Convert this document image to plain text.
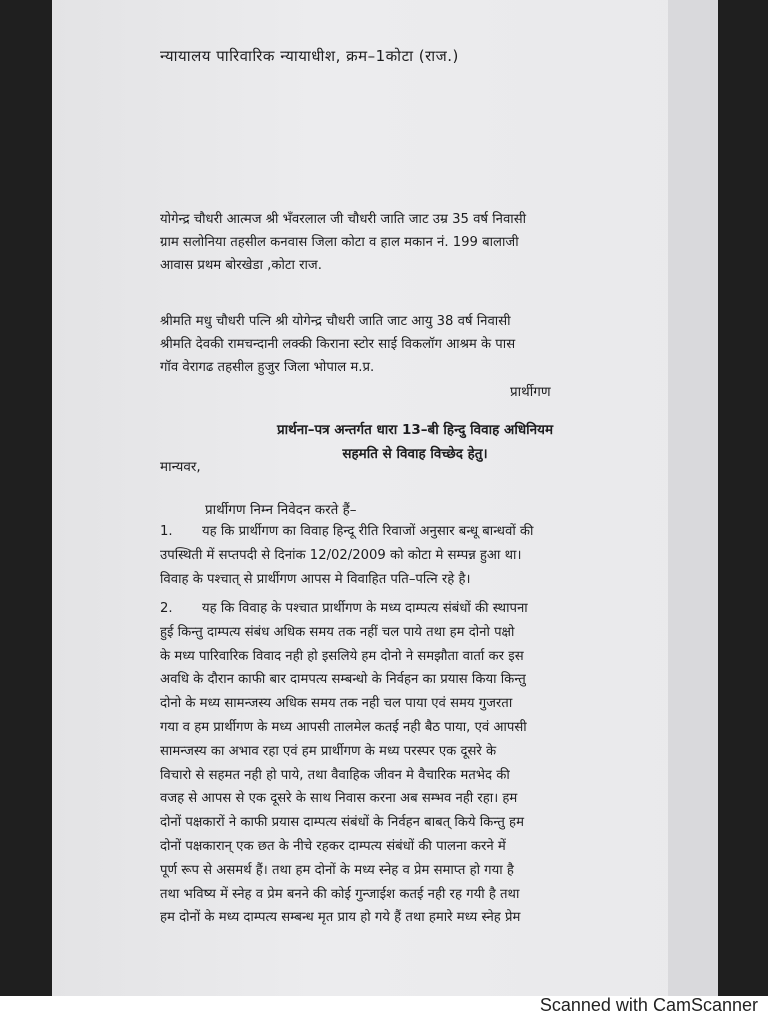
न्यायालय पारिवारिक न्यायाधीश, क्रम–1कोटा (राज.)
योगेन्द्र चौधरी आत्मज श्री भँवरलाल जी चौधरी जाति जाट उम्र 35 वर्ष निवासी
ग्राम सलोनिया तहसील कनवास जिला कोटा व हाल मकान नं. 199 बालाजी
आवास प्रथम बोरखेडा ,कोटा राज.
श्रीमति मधु चौधरी पत्नि श्री योगेन्द्र चौधरी जाति जाट आयु 38 वर्ष निवासी
श्रीमति देवकी रामचन्दानी लक्की किराना स्टोर साई विकलॉग आश्रम के पास
गॉव वेरागढ तहसील हुजुर जिला भोपाल म.प्र.
प्रार्थीगण
प्रार्थना–पत्र अन्तर्गत धारा 13–बी हिन्दु विवाह अधिनियम
सहमति से विवाह विच्छेद हेतु।
मान्यवर,
प्रार्थीगण निम्न निवेदन करते हैं–
1. यह कि प्रार्थीगण का विवाह हिन्दू रीति रिवाजों अनुसार बन्धू बान्धवों की
उपस्थिती में सप्तपदी से दिनांक 12/02/2009 को कोटा मे सम्पन्न हुआ था।
विवाह के पश्चात् से प्रार्थीगण आपस मे विवाहित पति–पत्नि रहे है।
2. यह कि विवाह के पश्चात प्रार्थीगण के मध्य दाम्पत्य संबंधों की स्थापना
हुई किन्तु दाम्पत्य संबंध अधिक समय तक नहीं चल पाये तथा हम दोनो पक्षो
के मध्य पारिवारिक विवाद नही हो इसलिये हम दोनो ने समझौता वार्ता कर इस
अवधि के दौरान काफी बार दामपत्य सम्बन्धो के निर्वहन का प्रयास किया किन्तु
दोनो के मध्य सामन्जस्य अधिक समय तक नही चल पाया एवं समय गुजरता
गया व हम प्रार्थीगण के मध्य आपसी तालमेल कतई नही बैठ पाया, एवं आपसी
सामन्जस्य का अभाव रहा एवं हम प्रार्थीगण के मध्य परस्पर एक दूसरे के
विचारो से सहमत नही हो पाये, तथा वैवाहिक जीवन मे वैचारिक मतभेद की
वजह से आपस से एक दूसरे के साथ निवास करना अब सम्भव नही रहा। हम
दोनों पक्षकारों ने काफी प्रयास दाम्पत्य संबंधों के निर्वहन बाबत् किये किन्तु हम
दोनों पक्षकारान् एक छत के नीचे रहकर दाम्पत्य संबंधों की पालना करने में
पूर्ण रूप से असमर्थ हैं। तथा हम दोनों के मध्य स्नेह व प्रेम समाप्त हो गया है
तथा भविष्य में स्नेह व प्रेम बनने की कोई गुन्जाईश कतई नही रह गयी है तथा
हम दोनों के मध्य दाम्पत्य सम्बन्ध मृत प्राय हो गये हैं तथा हमारे मध्य स्नेह प्रेम
Scanned with CamScanner
